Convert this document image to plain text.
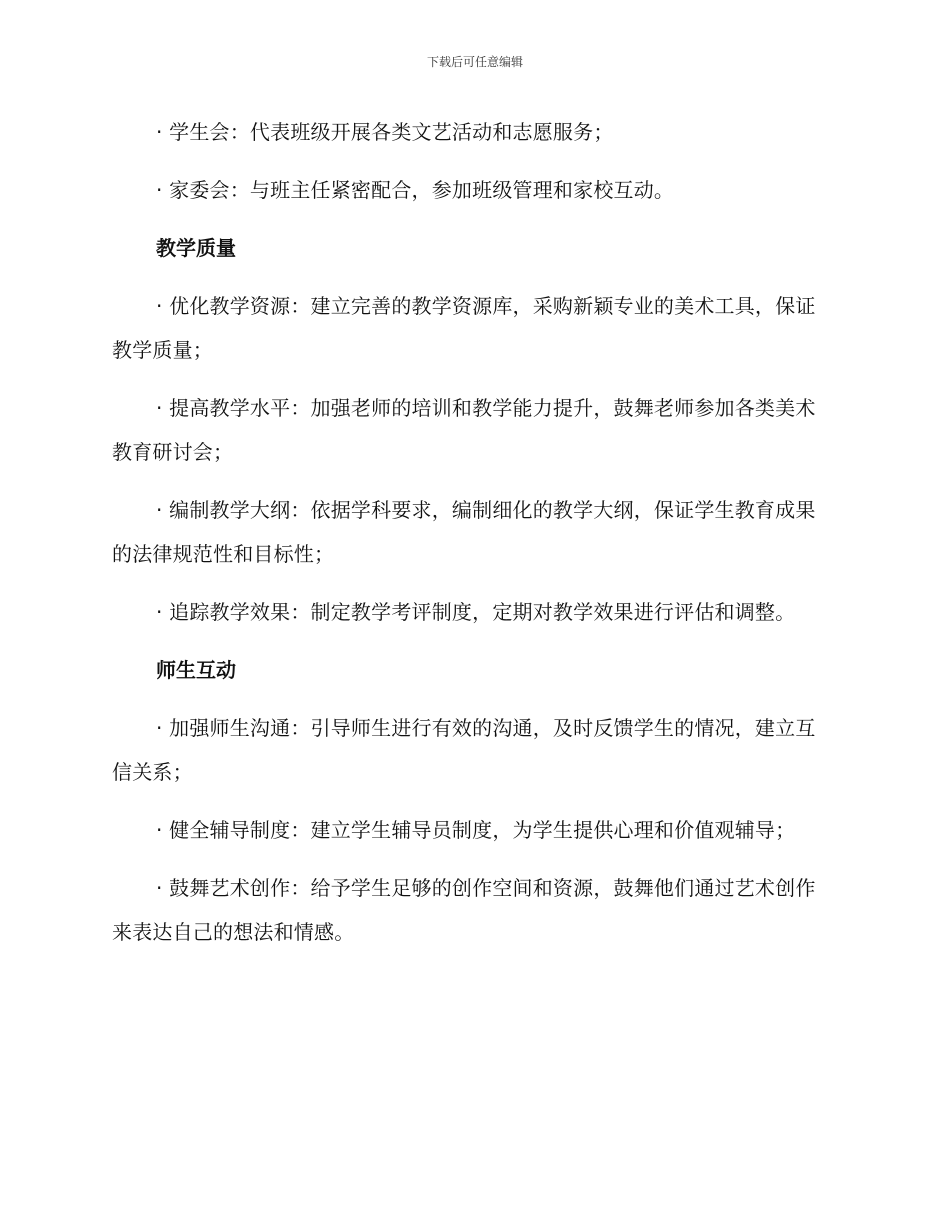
下载后可任意编辑

· 学生会：代表班级开展各类文艺活动和志愿服务；

· 家委会：与班主任紧密配合，参加班级管理和家校互动。

教学质量

· 优化教学资源：建立完善的教学资源库，采购新颖专业的美术工具，保证教学质量；

· 提高教学水平：加强老师的培训和教学能力提升，鼓舞老师参加各类美术教育研讨会；

· 编制教学大纲：依据学科要求，编制细化的教学大纲，保证学生教育成果的法律规范性和目标性；

· 追踪教学效果：制定教学考评制度，定期对教学效果进行评估和调整。

师生互动

· 加强师生沟通：引导师生进行有效的沟通，及时反馈学生的情况，建立互信关系；

· 健全辅导制度：建立学生辅导员制度，为学生提供心理和价值观辅导；

· 鼓舞艺术创作：给予学生足够的创作空间和资源，鼓舞他们通过艺术创作来表达自己的想法和情感。
